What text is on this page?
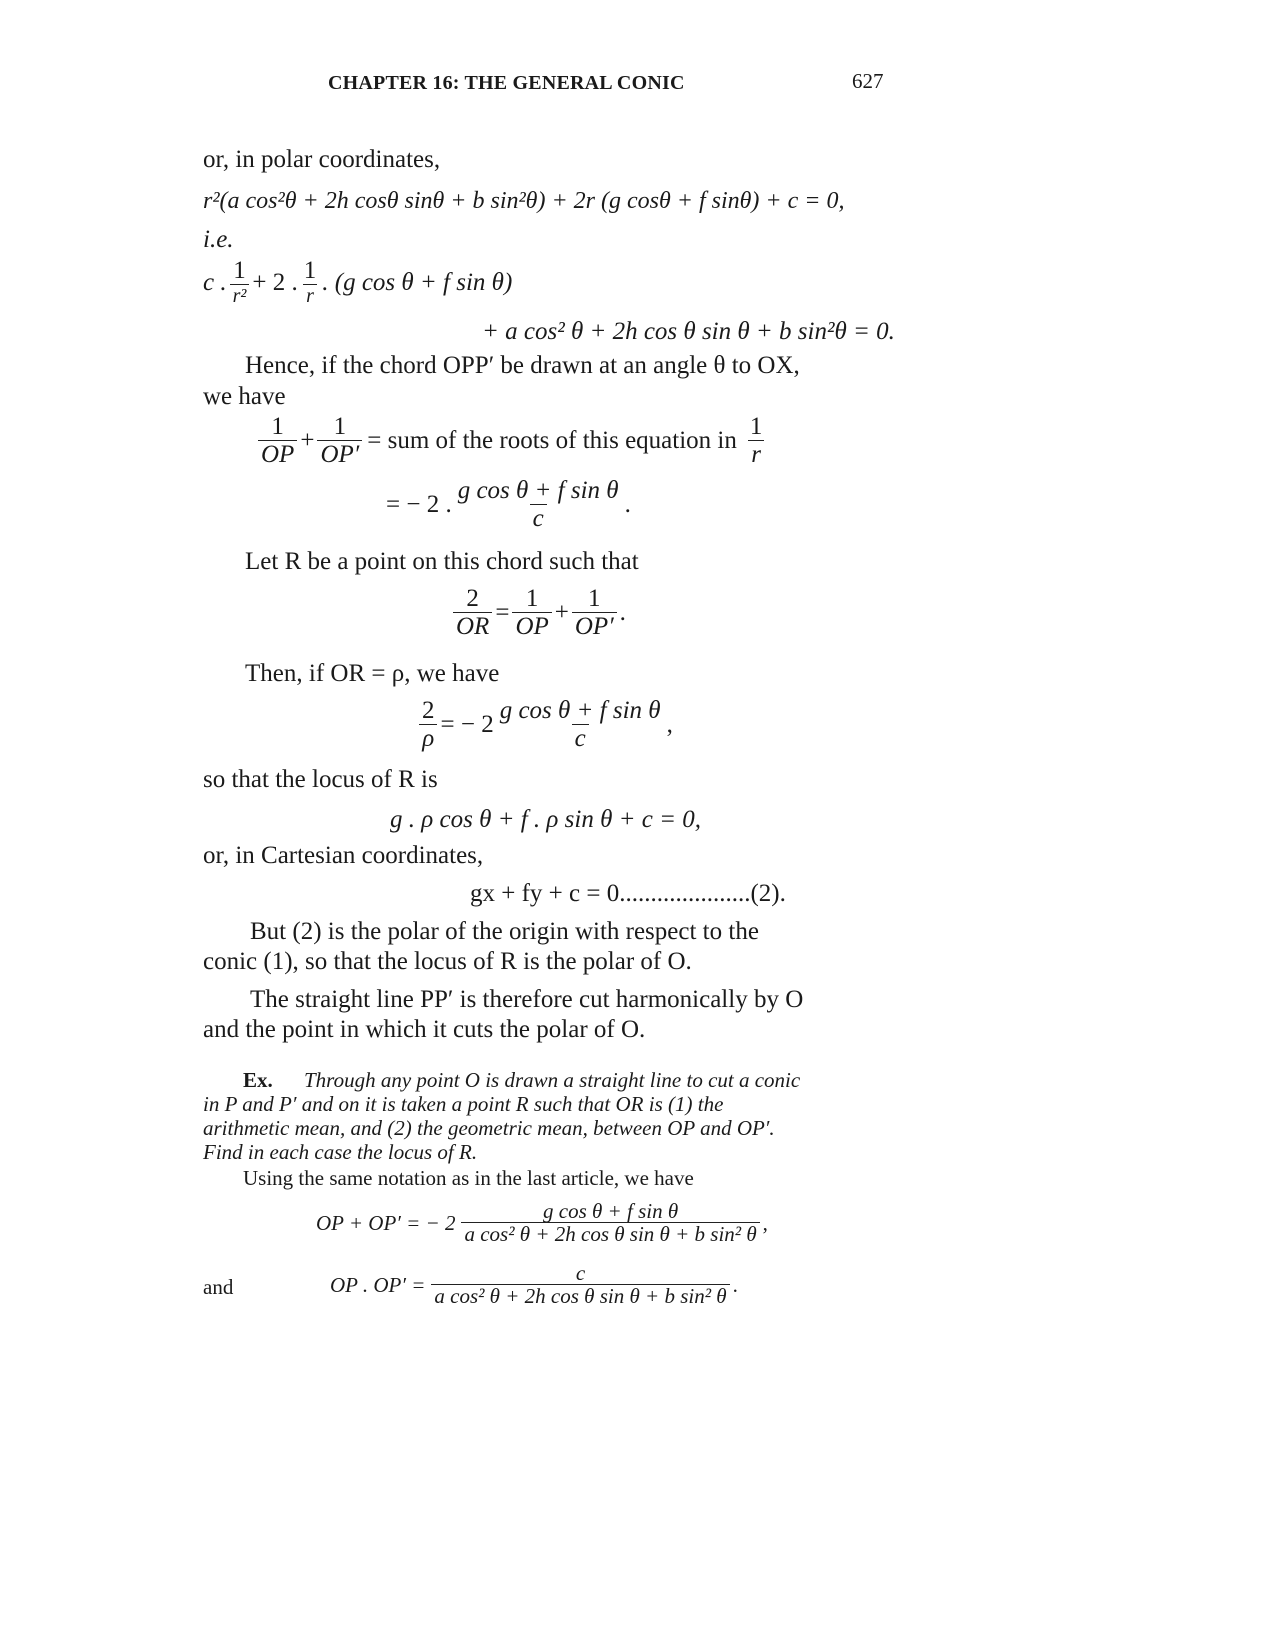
CHAPTER 16: THE GENERAL CONIC	627
or, in polar coordinates,
r²(a cos²θ + 2h cosθ sinθ + b sin²θ) + 2r (g cosθ + f sinθ) + c = 0,
i.e.
c . $\frac{1}{\text{r²}} + 2$ . $\frac{1}{r}$ . (g cos θ + f sin θ)
+ a cos² θ + 2h cos θ sin θ + b sin²θ = 0.
Hence, if the chord OPP′ be drawn at an angle θ to OX,
we have
$\frac{1}{OP} + \frac{1}{OP'}$ = sum of the roots of this equation in $\frac{1}{r}$
= − 2 . $\frac{\text{g cos θ + f sin θ}}{c}$ .
Let R be a point on this chord such that
$\frac{2}{OR} = \frac{1}{OP} + \frac{1}{OP'}$ .
Then, if OR = ρ, we have
$\frac{2}{\rho}$ = − $2 \frac{\text{g cos θ + f sin θ}}{c}$ ,
so that the locus of R is
g . ρ cos θ + f . ρ sin θ + c = 0,
or, in Cartesian coordinates,
gx + fy + c = 0.....................(2).
But (2) is the polar of the origin with respect to the
conic (1), so that the locus of R is the polar of O.
The straight line PP′ is therefore cut harmonically by O
and the point in which it cuts the polar of O.
Ex. Through any point O is drawn a straight line to cut a conic
in P and P′ and on it is taken a point R such that OR is (1) the
arithmetic mean, and (2) the geometric mean, between OP and OP′.
Find in each case the locus of R.
Using the same notation as in the last article, we have
OP + OP′ = − $2 \frac{\text{g cos θ + f sin θ}}{\text{a cos² θ + 2h cos θ sin θ + b sin² θ}}$ ,
and	OP . $OP' = \frac{c}{\text{a cos² θ + 2h cos θ sin θ + b sin² θ}}$ .
